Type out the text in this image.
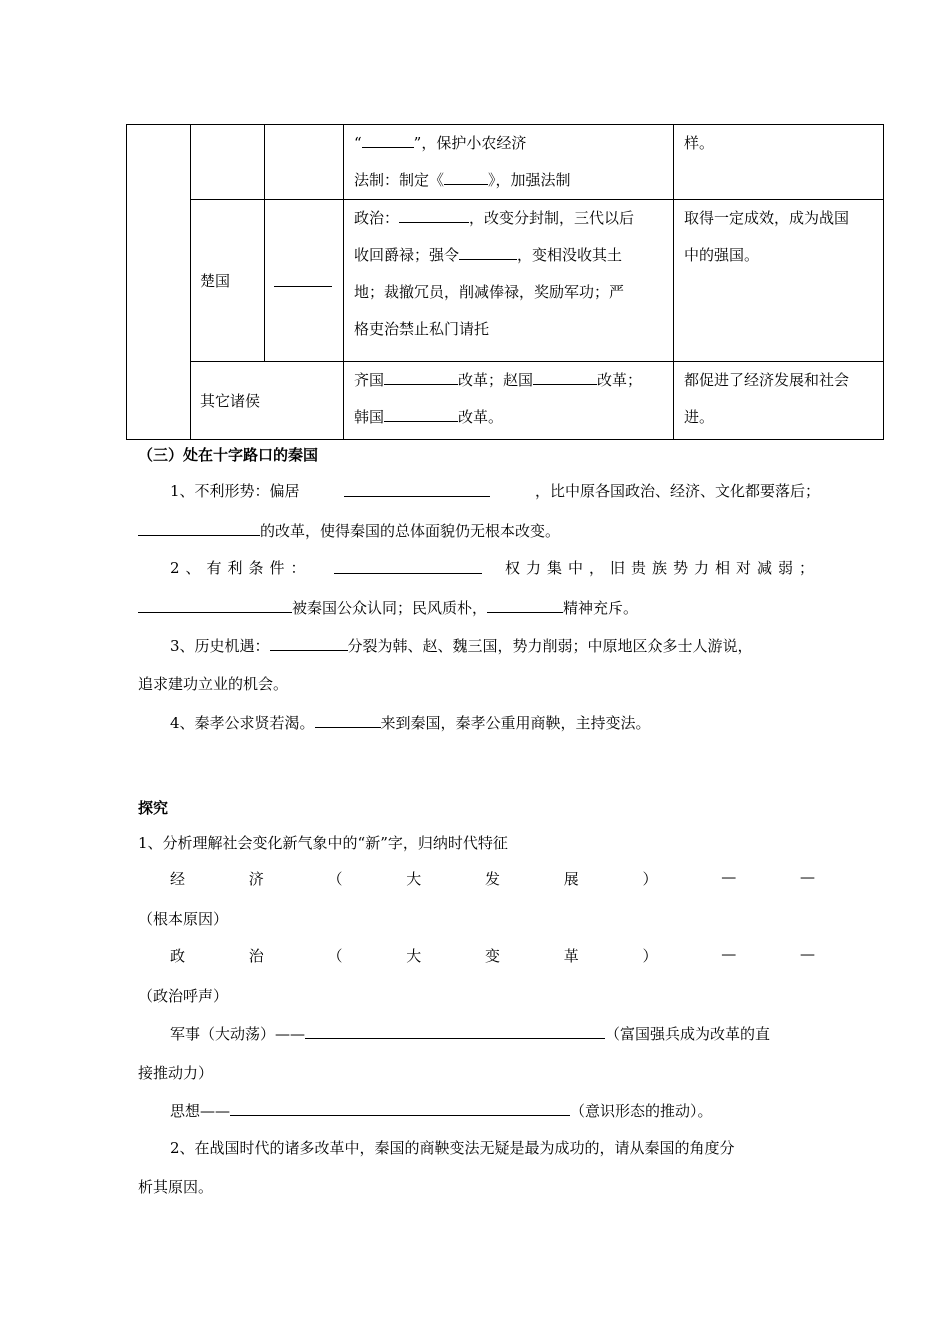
			“ ”，保护小农经济
法制：制定《 》，加强法制	样。

	楚国		政治： ，改变分封制，三代以后
收回爵禄；强令 ，变相没收其土
地；裁撤冗员，削减俸禄，奖励军功；严
格吏治禁止私门请托	取得一定成效，成为战国
中的强国。

	其它诸侯		齐国 改革；赵国 改革；
韩国 改革。	都促进了经济发展和社会
进。
（三）处在十字路口的秦国
1、不利形势：偏居	，比中原各国政治、经济、文化都要落后；
的改革，使得秦国的总体面貌仍无根本改变。
2、有利条件：	权力集中，旧贵族势力相对减弱；
被秦国公众认同；民风质朴，	精神充斥。
3、历史机遇：	分裂为韩、赵、魏三国，势力削弱；中原地区众多士人游说，
追求建功立业的机会。
4、秦孝公求贤若渴。	来到秦国，秦孝公重用商鞅，主持变法。
探究
1、分析理解社会变化新气象中的“新”字，归纳时代特征
经	济	（	大	发	展	）	—	—
（根本原因）
政	治	（	大	变	革	）	—	—
（政治呼声）
军事（大动荡）——	（富国强兵成为改革的直
接推动力）
思想——	（意识形态的推动）。
2、在战国时代的诸多改革中，秦国的商鞅变法无疑是最为成功的，请从秦国的角度分
析其原因。
